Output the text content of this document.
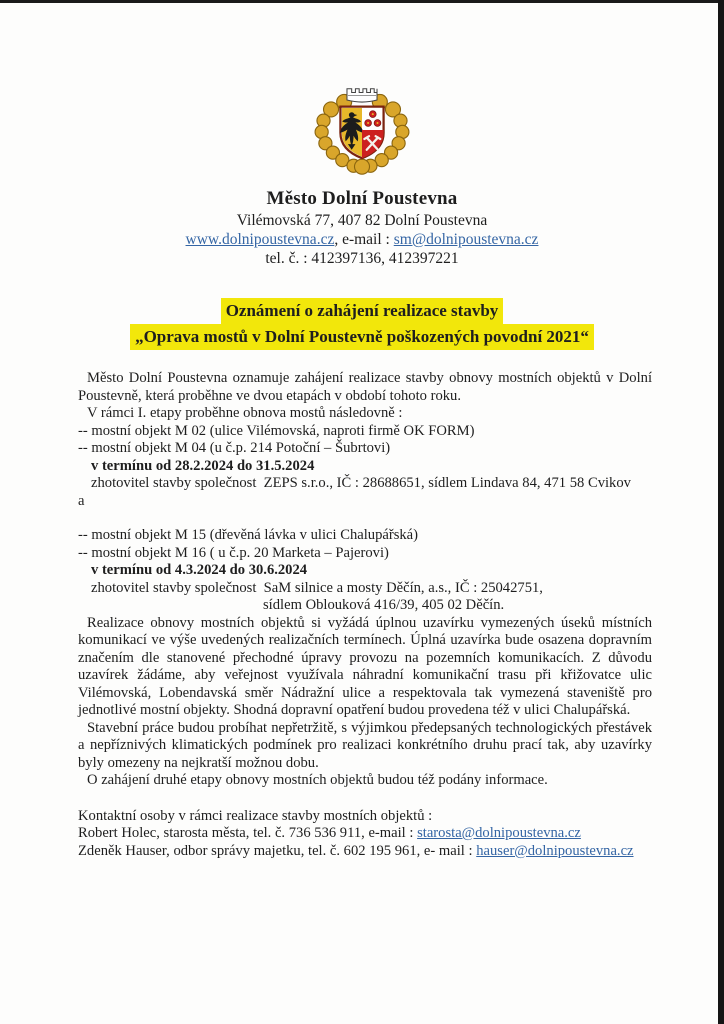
Město Dolní Poustevna
Vilémovská 77, 407 82 Dolní Poustevna
www.dolnipoustevna.cz, e-mail : sm@dolnipoustevna.cz
tel. č. : 412397136, 412397221
Oznámení o zahájení realizace stavby
„Oprava mostů v Dolní Poustevně poškozených povodní 2021“

Město Dolní Poustevna oznamuje zahájení realizace stavby obnovy mostních objektů v Dolní Poustevně, která proběhne ve dvou etapách v období tohoto roku.

V rámci I. etapy proběhne obnova mostů následovně :

-- mostní objekt M 02 (ulice Vilémovská, naproti firmě OK FORM)

-- mostní objekt M 04 (u č.p. 214 Potoční – Šubrtovi)

v termínu od 28.2.2024 do 31.5.2024

zhotovitel stavby společnost  ZEPS s.r.o., IČ : 28688651, sídlem Lindava 84, 471 58 Cvikov

a

-- mostní objekt M 15 (dřevěná lávka v ulici Chalupářská)

-- mostní objekt M 16 ( u č.p. 20 Marketa – Pajerovi)

v termínu od 4.3.2024 do 30.6.2024

zhotovitel stavby společnost  SaM silnice a mosty Děčín, a.s., IČ : 25042751,

sídlem Oblouková 416/39, 405 02 Děčín.

Realizace obnovy mostních objektů si vyžádá úplnou uzavírku vymezených úseků místních komunikací ve výše uvedených realizačních termínech. Úplná uzavírka bude osazena dopravním značením dle stanovené přechodné úpravy provozu na pozemních komunikacích. Z důvodu uzavírek žádáme, aby veřejnost využívala náhradní komunikační trasu při křižovatce ulic Vilémovská, Lobendavská směr Nádražní ulice a respektovala tak vymezená staveniště pro jednotlivé mostní objekty. Shodná dopravní opatření budou provedena též v ulici Chalupářská.

Stavební práce budou probíhat nepřetržitě, s výjimkou předepsaných technologických přestávek a nepříznivých klimatických podmínek pro realizaci konkrétního druhu prací tak, aby uzavírky byly omezeny na nejkratší možnou dobu.

O zahájení druhé etapy obnovy mostních objektů budou též podány informace.

Kontaktní osoby v rámci realizace stavby mostních objektů :

Robert Holec, starosta města, tel. č. 736 536 911, e-mail : starosta@dolnipoustevna.cz

Zdeněk Hauser, odbor správy majetku, tel. č. 602 195 961, e- mail : hauser@dolnipoustevna.cz
